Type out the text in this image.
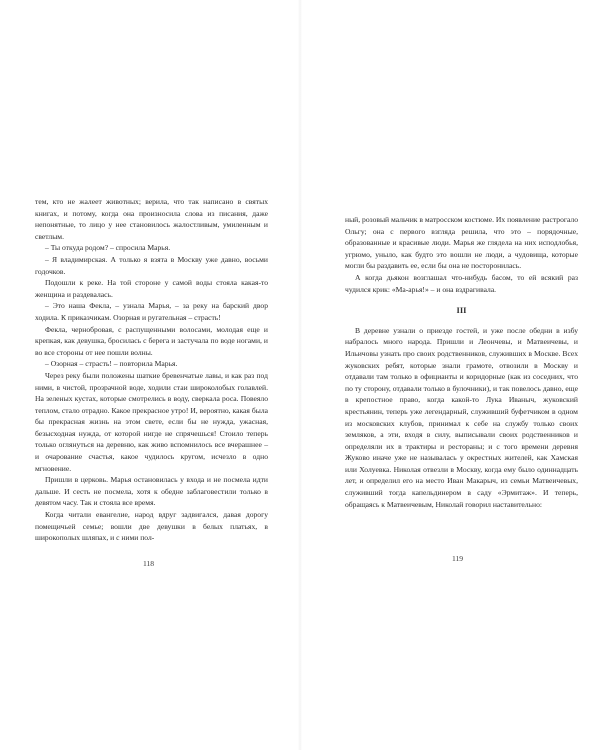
тем, кто не жалеет животных; верила, что так написано в святых книгах, и потому, когда она произносила слова из писания, даже непонятные, то лицо у нее становилось жалостливым, умиленным и светлым.

– Ты откуда родом? – спросила Марья.

– Я владимирская. А только я взята в Москву уже давно, восьми годочков.

Подошли к реке. На той стороне у самой воды стояла какая-то женщина и раздевалась.

– Это наша Фекла, – узнала Марья, – за реку на барский двор ходила. К приказчикам. Озорная и ругательная – страсть!

Фекла, чернобровая, с распущенными волосами, молодая еще и крепкая, как девушка, бросилась с берега и застучала по воде ногами, и во все стороны от нее пошли волны.

– Озорная – страсть! – повторила Марья.

Через реку были положены шаткие бревенчатые лавы, и как раз под ними, в чистой, прозрачной воде, ходили стаи широколобых голавлей. На зеленых кустах, которые смотрелись в воду, сверкала роса. Повеяло теплом, стало отрадно. Какое прекрасное утро! И, вероятно, какая была бы прекрасная жизнь на этом свете, если бы не нужда, ужасная, безысходная нужда, от которой нигде не спрячешься! Стоило теперь только оглянуться на деревню, как живо вспомнилось все вчерашнее – и очарование счастья, какое чудилось кругом, исчезло в одно мгновение.

Пришли в церковь. Марья остановилась у входа и не посмела идти дальше. И сесть не посмела, хотя к обедне заблаговестили только в девятом часу. Так и стояла все время.

Когда читали евангелие, народ вдруг задвигался, давая дорогу помещичьей семье; вошли две девушки в белых платьях, в широкополых шляпах, и с ними пол-

118

ный, розовый мальчик в матросском костюме. Их появление растрогало Ольгу; она с первого взгляда решила, что это – порядочные, образованные и красивые люди. Марья же глядела на них исподлобья, угрюмо, уныло, как будто это вошли не люди, а чудовища, которые могли бы раздавить ее, если бы она не посторонилась.

А когда дьякон возглашал что-нибудь басом, то ей всякий раз чудился крик: «Ма-арья!» – и она вздрагивала.

III

В деревне узнали о приезде гостей, и уже после обедни в избу набралось много народа. Пришли и Леончевы, и Матвеичевы, и Ильичовы узнать про своих родственников, служивших в Москве. Всех жуковских ребят, которые знали грамоте, отвозили в Москву и отдавали там только в официанты и коридорные (как из соседних, что по ту сторону, отдавали только в булочники), и так повелось давно, еще в крепостное право, когда какой-то Лука Иваныч, жуковский крестьянин, теперь уже легендарный, служивший буфетчиком в одном из московских клубов, принимал к себе на службу только своих земляков, а эти, входя в силу, выписывали своих родственников и определяли их в трактиры и рестораны; и с того времени деревня Жуково иначе уже не называлась у окрестных жителей, как Хамская или Холуевка. Николая отвезли в Москву, когда ему было одиннадцать лет, и определил его на место Иван Макарыч, из семьи Матвеичевых, служивший тогда капельдинером в саду «Эрмитаж». И теперь, обращаясь к Матвеичевым, Николай говорил наставительно:

119
